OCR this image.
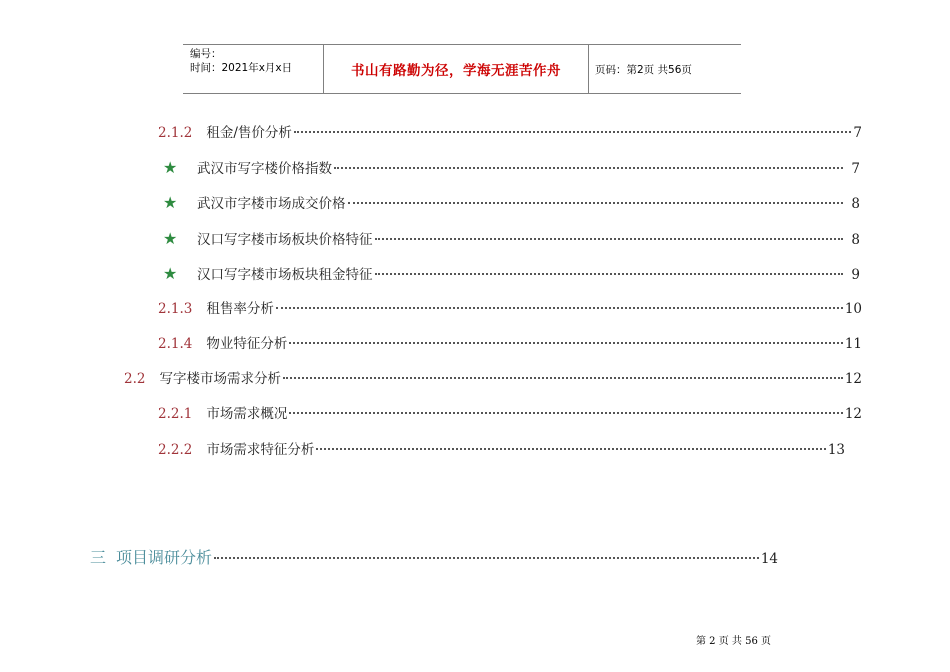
编号：
时间：2021年x月x日	书山有路勤为径，学海无涯苦作舟	页码：第2页 共56页
2.1.2 租金/售价分析	7
★	武汉市写字楼价格指数	7
★	武汉市字楼市场成交价格	8
★	汉口写字楼市场板块价格特征	8
★	汉口写字楼市场板块租金特征	9
2.1.3 租售率分析	10
2.1.4 物业特征分析	11
2.2 写字楼市场需求分析	12
2.2.1 市场需求概况	12
2.2.2 市场需求特征分析	13
三 项目调研分析	14
第 2 页 共 56 页
